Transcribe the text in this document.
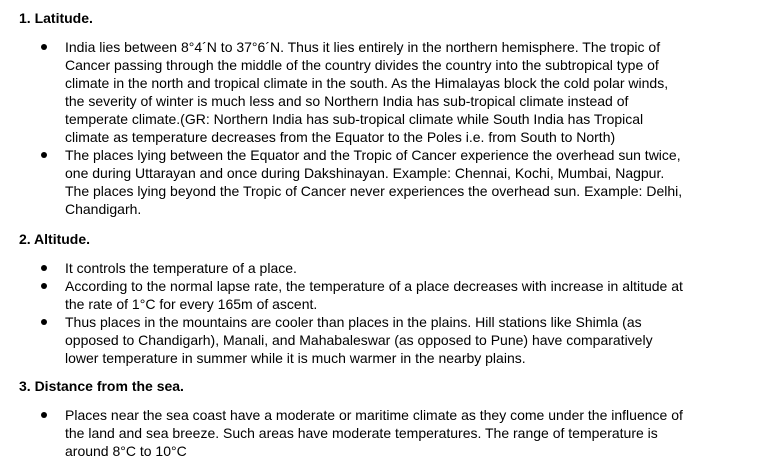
1. Latitude.
India lies between 8°4´N to 37°6´N. Thus it lies entirely in the northern hemisphere. The tropic of
Cancer passing through the middle of the country divides the country into the subtropical type of
climate in the north and tropical climate in the south. As the Himalayas block the cold polar winds,
the severity of winter is much less and so Northern India has sub-tropical climate instead of
temperate climate.(GR: Northern India has sub-tropical climate while South India has Tropical
climate as temperature decreases from the Equator to the Poles i.e. from South to North)
The places lying between the Equator and the Tropic of Cancer experience the overhead sun twice,
one during Uttarayan and once during Dakshinayan. Example: Chennai, Kochi, Mumbai, Nagpur.
The places lying beyond the Tropic of Cancer never experiences the overhead sun. Example: Delhi,
Chandigarh.
2. Altitude.
It controls the temperature of a place.
According to the normal lapse rate, the temperature of a place decreases with increase in altitude at
the rate of 1°C for every 165m of ascent.
Thus places in the mountains are cooler than places in the plains. Hill stations like Shimla (as
opposed to Chandigarh), Manali, and Mahabaleswar (as opposed to Pune) have comparatively
lower temperature in summer while it is much warmer in the nearby plains.
3. Distance from the sea.
Places near the sea coast have a moderate or maritime climate as they come under the influence of
the land and sea breeze. Such areas have moderate temperatures. The range of temperature is
around 8°C to 10°C
